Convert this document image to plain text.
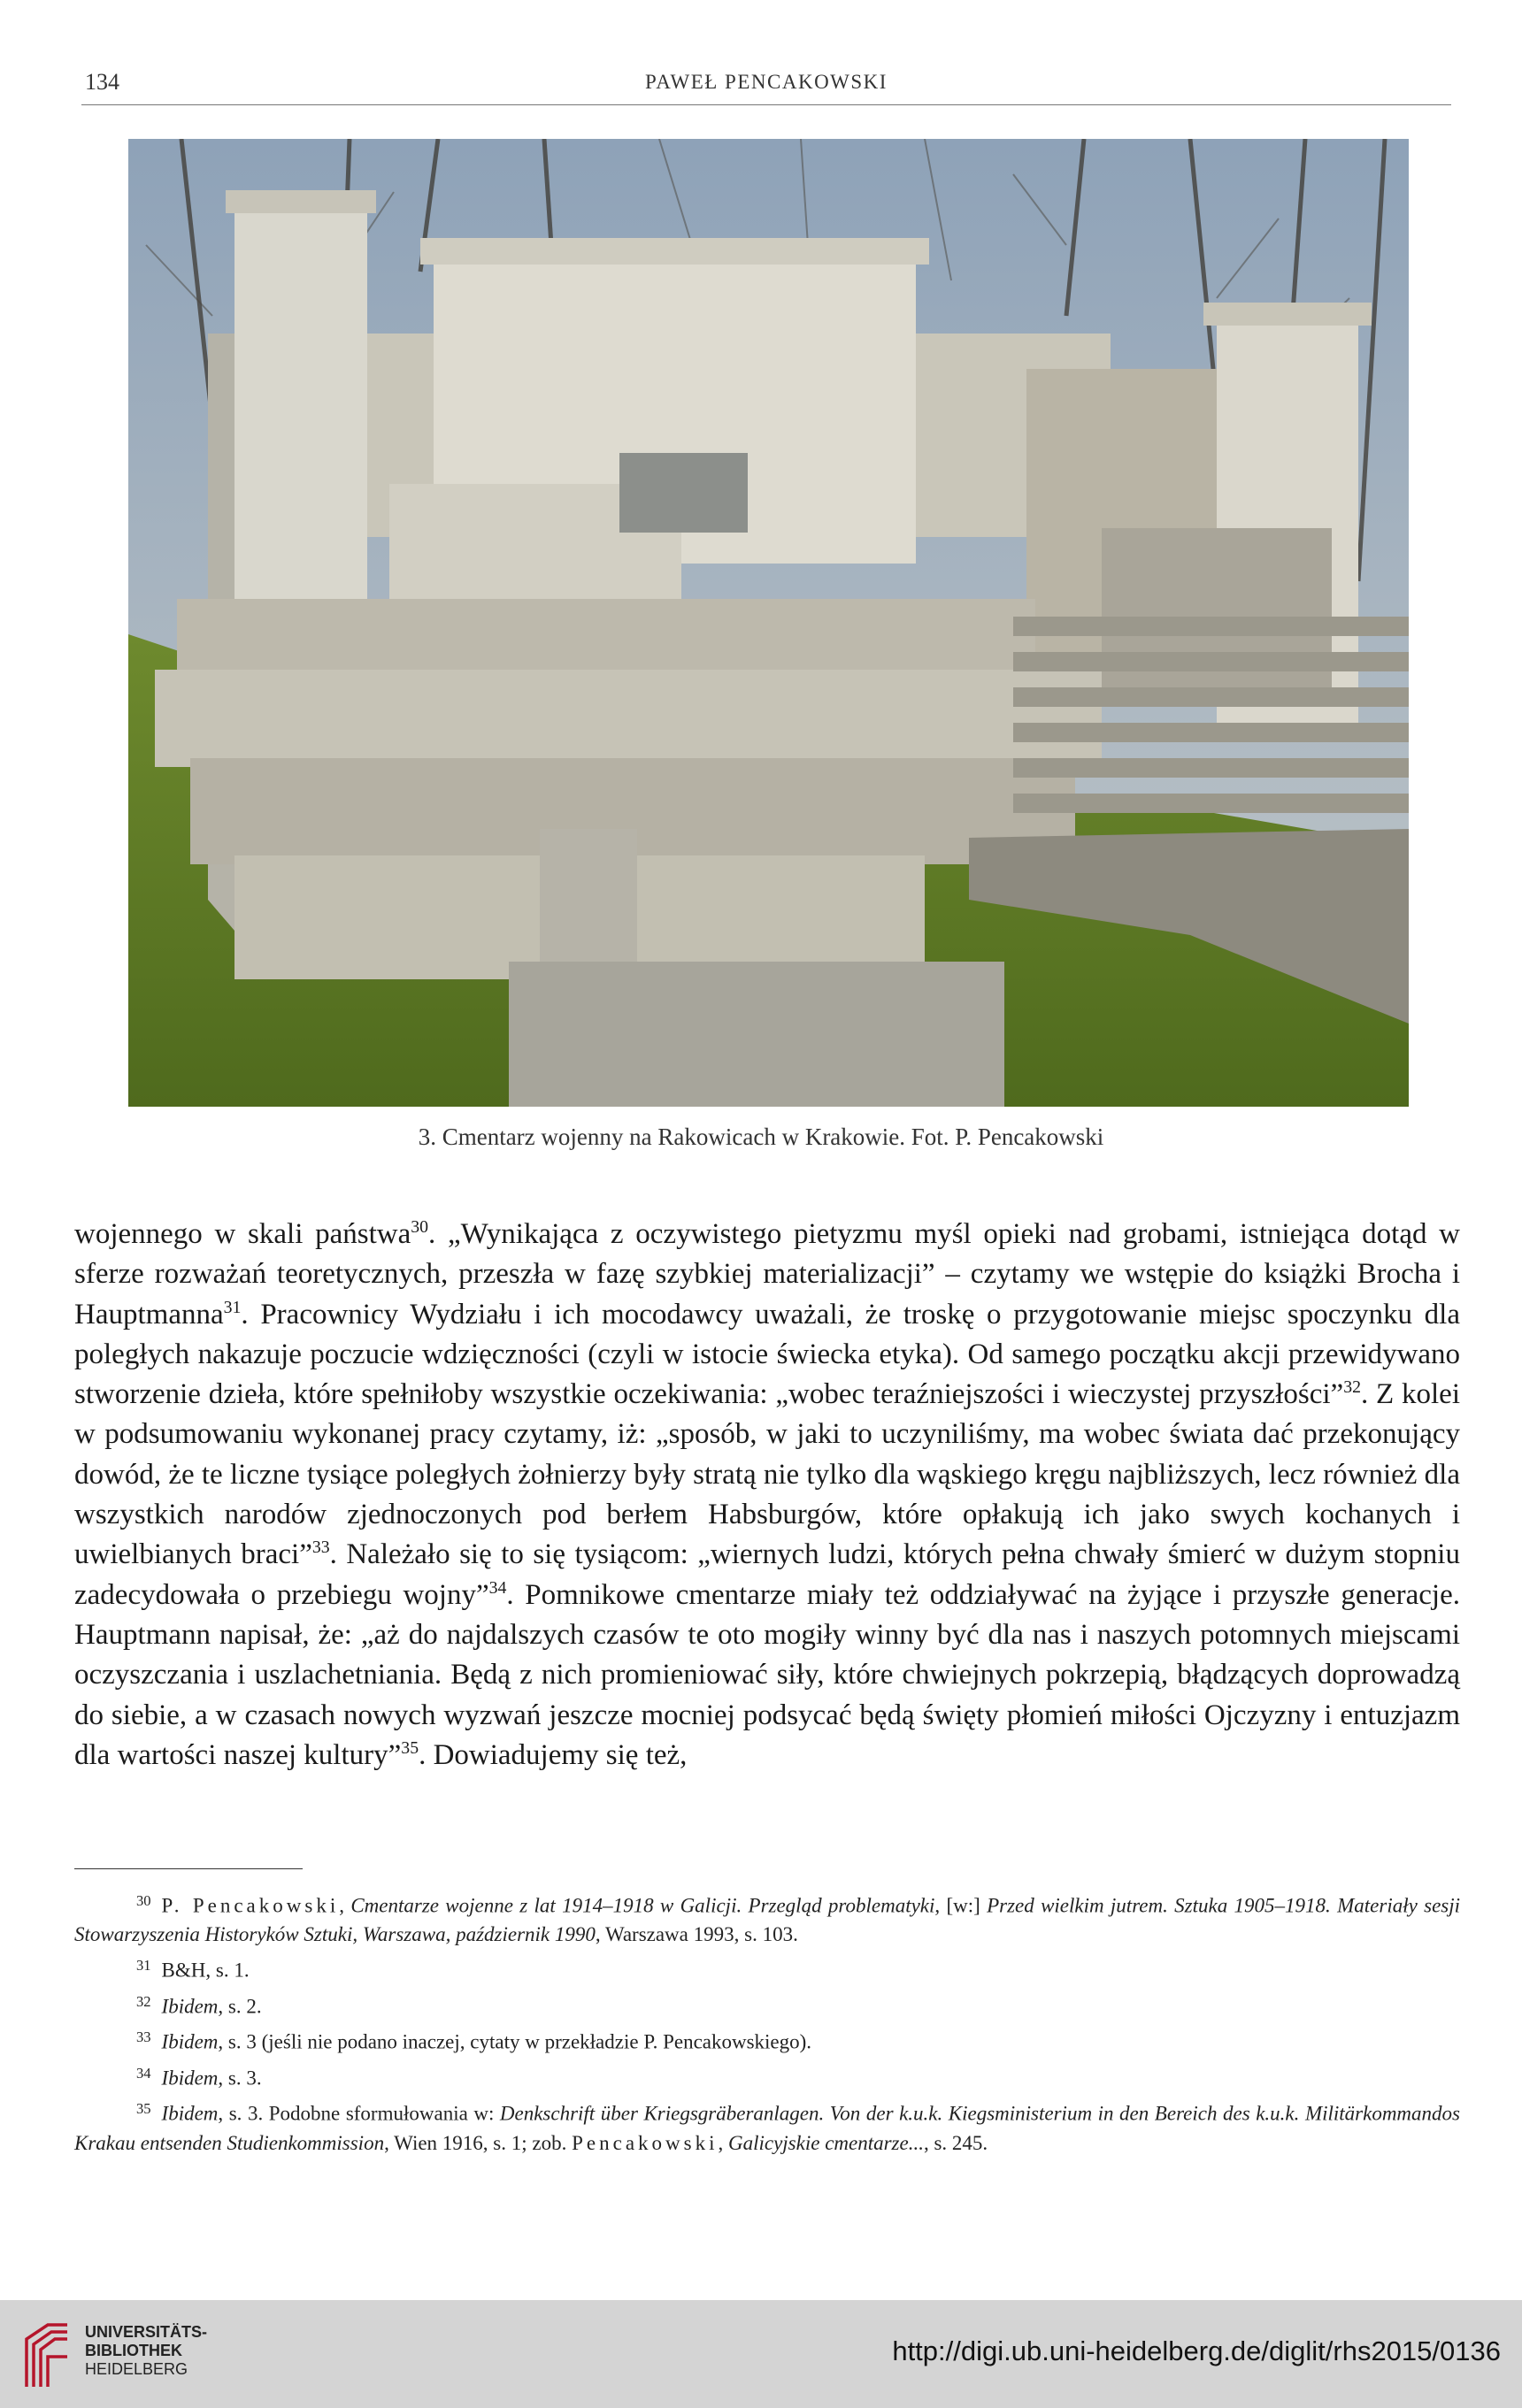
134	PAWEŁ PENCAKOWSKI
3. Cmentarz wojenny na Rakowicach w Krakowie. Fot. P. Pencakowski

wojennego w skali państwa$^{30}$. „Wynikająca z oczywistego pietyzmu myśl opieki nad grobami, istniejąca dotąd w sferze rozważań teoretycznych, przeszła w fazę szybkiej materializacji” – czytamy we wstępie do książki Brocha i Hauptmanna$^{31}$. Pracownicy Wydziału i ich mocodawcy uważali, że troskę o przygotowanie miejsc spoczynku dla poległych nakazuje poczucie wdzięczności (czyli w istocie świecka etyka). Od samego początku akcji przewidywano stworzenie dzieła, które spełniłoby wszystkie oczekiwania: „wobec teraźniejszości i wieczystej przyszłości”$^{32}$. Z kolei w podsumowaniu wykonanej pracy czytamy, iż: „sposób, w jaki to uczyniliśmy, ma wobec świata dać przekonujący dowód, że te liczne tysiące poległych żołnierzy były stratą nie tylko dla wąskiego kręgu najbliższych, lecz również dla wszystkich narodów zjednoczonych pod berłem Habsburgów, które opłakują ich jako swych kochanych i uwielbianych braci”$^{33}$. Należało się to się tysiącom: „wiernych ludzi, których pełna chwały śmierć w dużym stopniu zadecydowała o przebiegu wojny”$^{34}$. Pomnikowe cmentarze miały też oddziaływać na żyjące i przyszłe generacje. Hauptmann napisał, że: „aż do najdalszych czasów te oto mogiły winny być dla nas i naszych potomnych miejscami oczyszczania i uszlachetniania. Będą z nich promieniować siły, które chwiejnych pokrzepią, błądzących doprowadzą do siebie, a w czasach nowych wyzwań jeszcze mocniej podsycać będą święty płomień miłości Ojczyzny i entuzjazm dla wartości naszej kultury”$^{35}$. Dowiadujemy się też,

$^{30}$ P. Pencakowski, Cmentarze wojenne z lat 1914–1918 w Galicji. Przegląd problematyki, [w:] Przed wielkim jutrem. Sztuka 1905–1918. Materiały sesji Stowarzyszenia Historyków Sztuki, Warszawa, październik 1990, Warszawa 1993, s. 103.

$^{31}$ B&H, s. 1.

$^{32}$ Ibidem, s. 2.

$^{33}$ Ibidem, s. 3 (jeśli nie podano inaczej, cytaty w przekładzie P. Pencakowskiego).

$^{34}$ Ibidem, s. 3.

$^{35}$ Ibidem, s. 3. Podobne sformułowania w: Denkschrift über Kriegsgräberanlagen. Von der k.u.k. Kiegsministerium in den Bereich des k.u.k. Militärkommandos Krakau entsenden Studienkommission, Wien 1916, s. 1; zob. Pencakowski, Galicyjskie cmentarze..., s. 245.

UNIVERSITÄTS-
BIBLIOTHEK
HEIDELBERG
http://digi.ub.uni-heidelberg.de/diglit/rhs2015/0136
